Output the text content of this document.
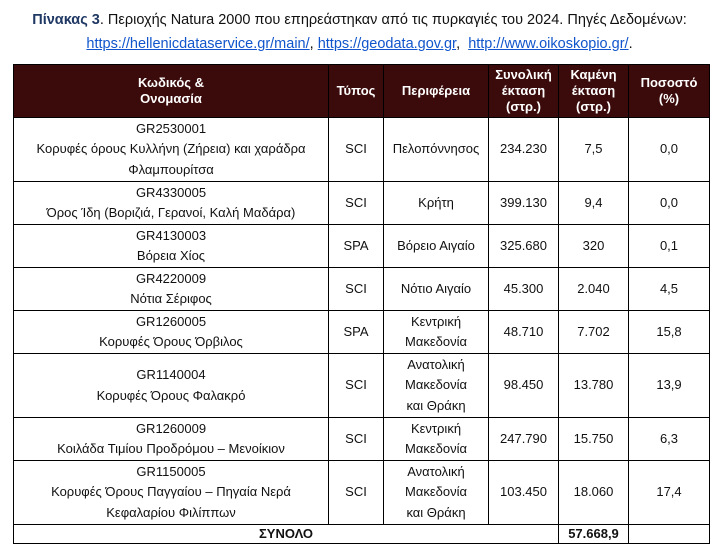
Πίνακας 3. Περιοχής Natura 2000 που επηρεάστηκαν από τις πυρκαγιές του 2024. Πηγές Δεδομένων:
https://hellenicdataservice.gr/main/, https://geodata.gov.gr,  http://www.oikoskopio.gr/.
Κωδικός & Ονομασία	Τύπος	Περιφέρεια	Συνολική έκταση (στρ.)	Καμένη έκταση (στρ.)	Ποσοστό (%)

GR2530001
Κορυφές όρους Κυλλήνη (Ζήρεια) και χαράδρα Φλαμπουρίτσα	SCI	Πελοπόννησος	234.230	7,5	0,0

GR4330005
Όρος Ίδη (Βοριζιά, Γερανοί, Καλή Μαδάρα)	SCI	Κρήτη	399.130	9,4	0,0

GR4130003
Βόρεια Χίος	SPA	Βόρειο Αιγαίο	325.680	320	0,1

GR4220009
Νότια Σέριφος	SCI	Νότιο Αιγαίο	45.300	2.040	4,5

GR1260005
Κορυφές Όρους Όρβιλος	SPA	Κεντρική Μακεδονία	48.710	7.702	15,8

GR1140004
Κορυφές Όρους Φαλακρό	SCI	Ανατολική Μακεδονία και Θράκη	98.450	13.780	13,9

GR1260009
Κοιλάδα Τιμίου Προδρόμου – Μενοίκιον	SCI	Κεντρική Μακεδονία	247.790	15.750	6,3

GR1150005
Κορυφές Όρους Παγγαίου – Πηγαία Νερά Κεφαλαρίου Φιλίππων	SCI	Ανατολική Μακεδονία και Θράκη	103.450	18.060	17,4
ΣΥΝΟΛΟ				57.668,9	
